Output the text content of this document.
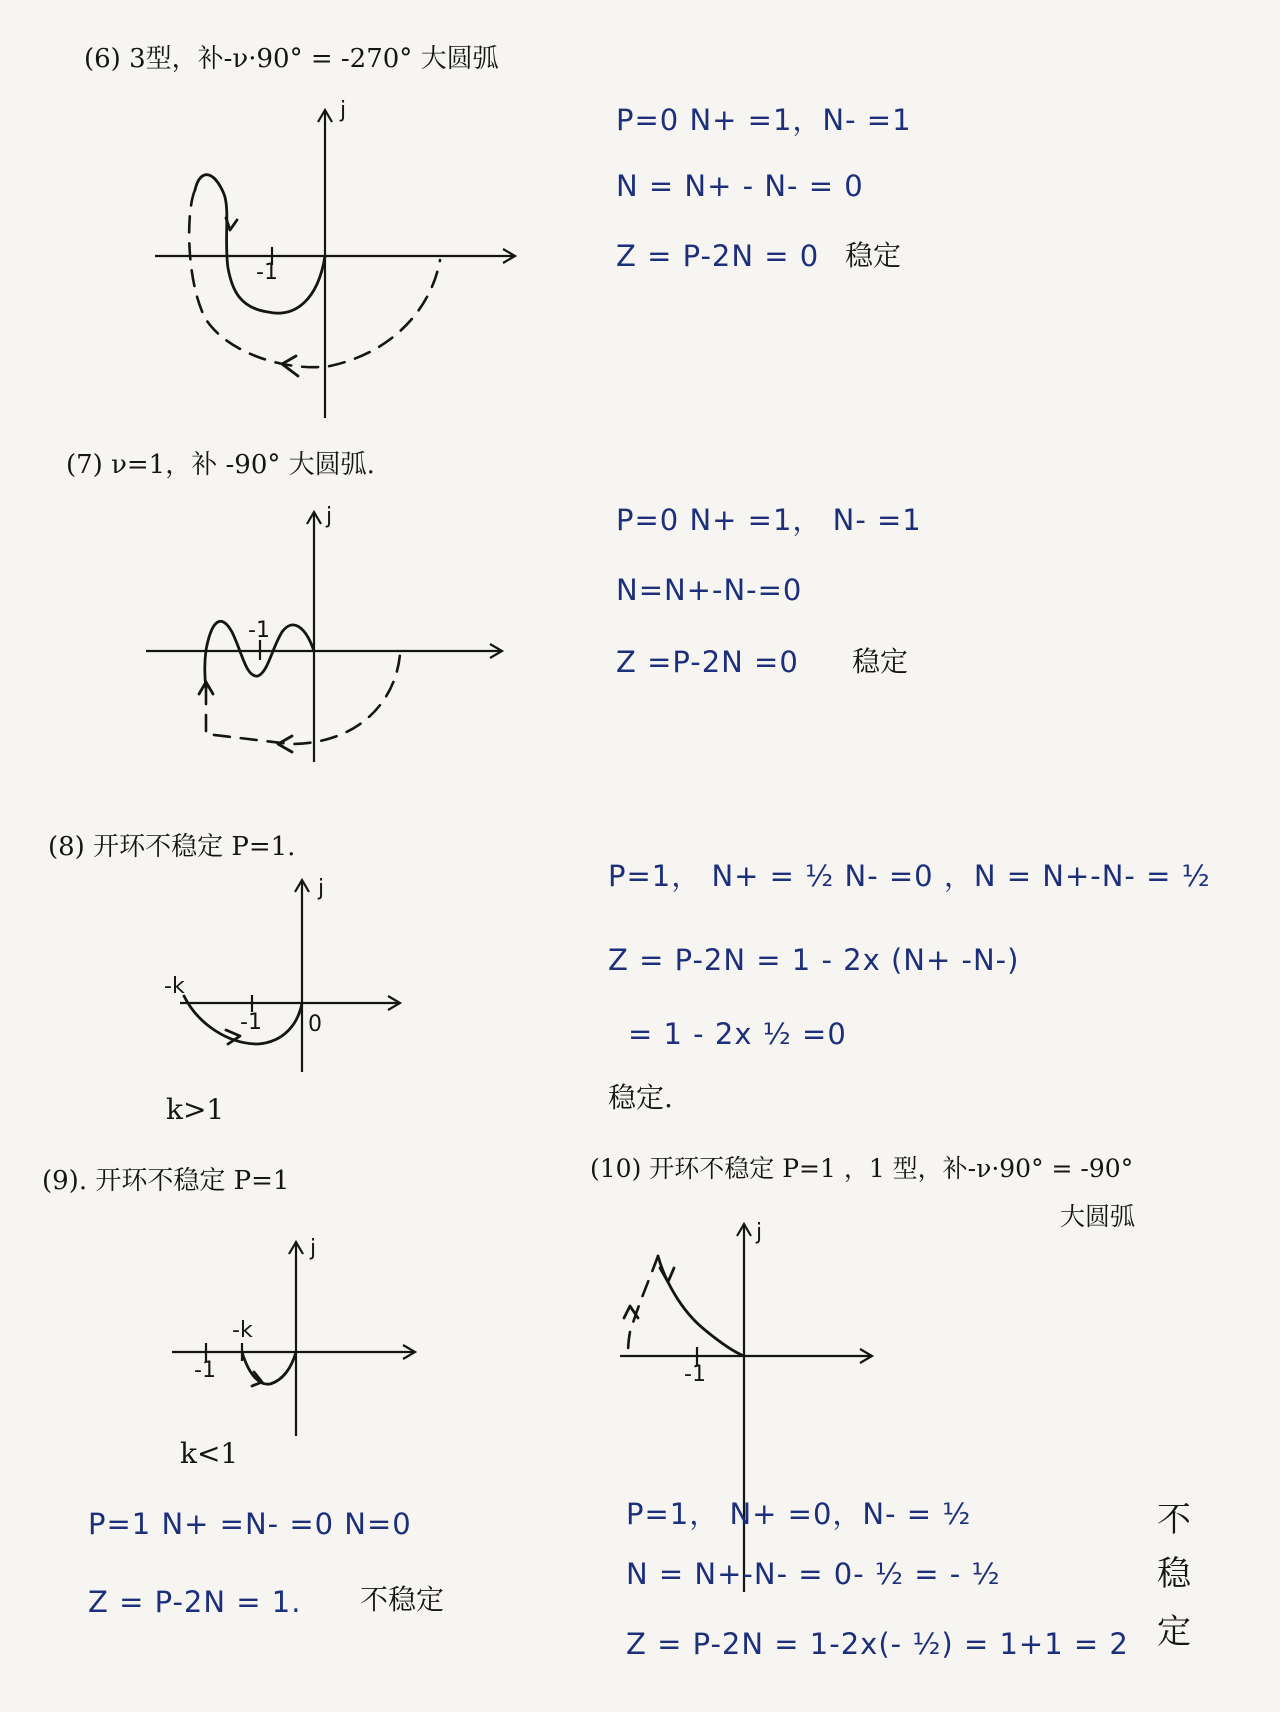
(6) 3型，补-ν·90° = -270° 大圆弧
j
-1
P=0 N+ =1，N- =1
N = N+ - N- = 0
Z = P-2N = 0 稳定
(7) ν=1，补 -90° 大圆弧.
j
-1
P=0 N+ =1， N- =1
N=N+-N-=0
Z =P-2N =0 稳定
(8) 开环不稳定 P=1.
j
-k
-1 0
k>1
P=1， N+ = ½ N- =0 ，N = N+-N- = ½
Z = P-2N = 1 - 2x (N+ -N-)
= 1 - 2x ½ =0
稳定.
(9). 开环不稳定 P=1
j
-1
-k
k<1
P=1 N+ =N- =0 N=0
Z = P-2N = 1. 不稳定
(10) 开环不稳定 P=1 ，1 型，补-ν·90° = -90°
大圆弧
j
-1
P=1， N+ =0，N- = ½
N = N+-N- = 0- ½ = - ½
Z = P-2N = 1-2x(- ½) = 1+1 = 2
不
稳
定
